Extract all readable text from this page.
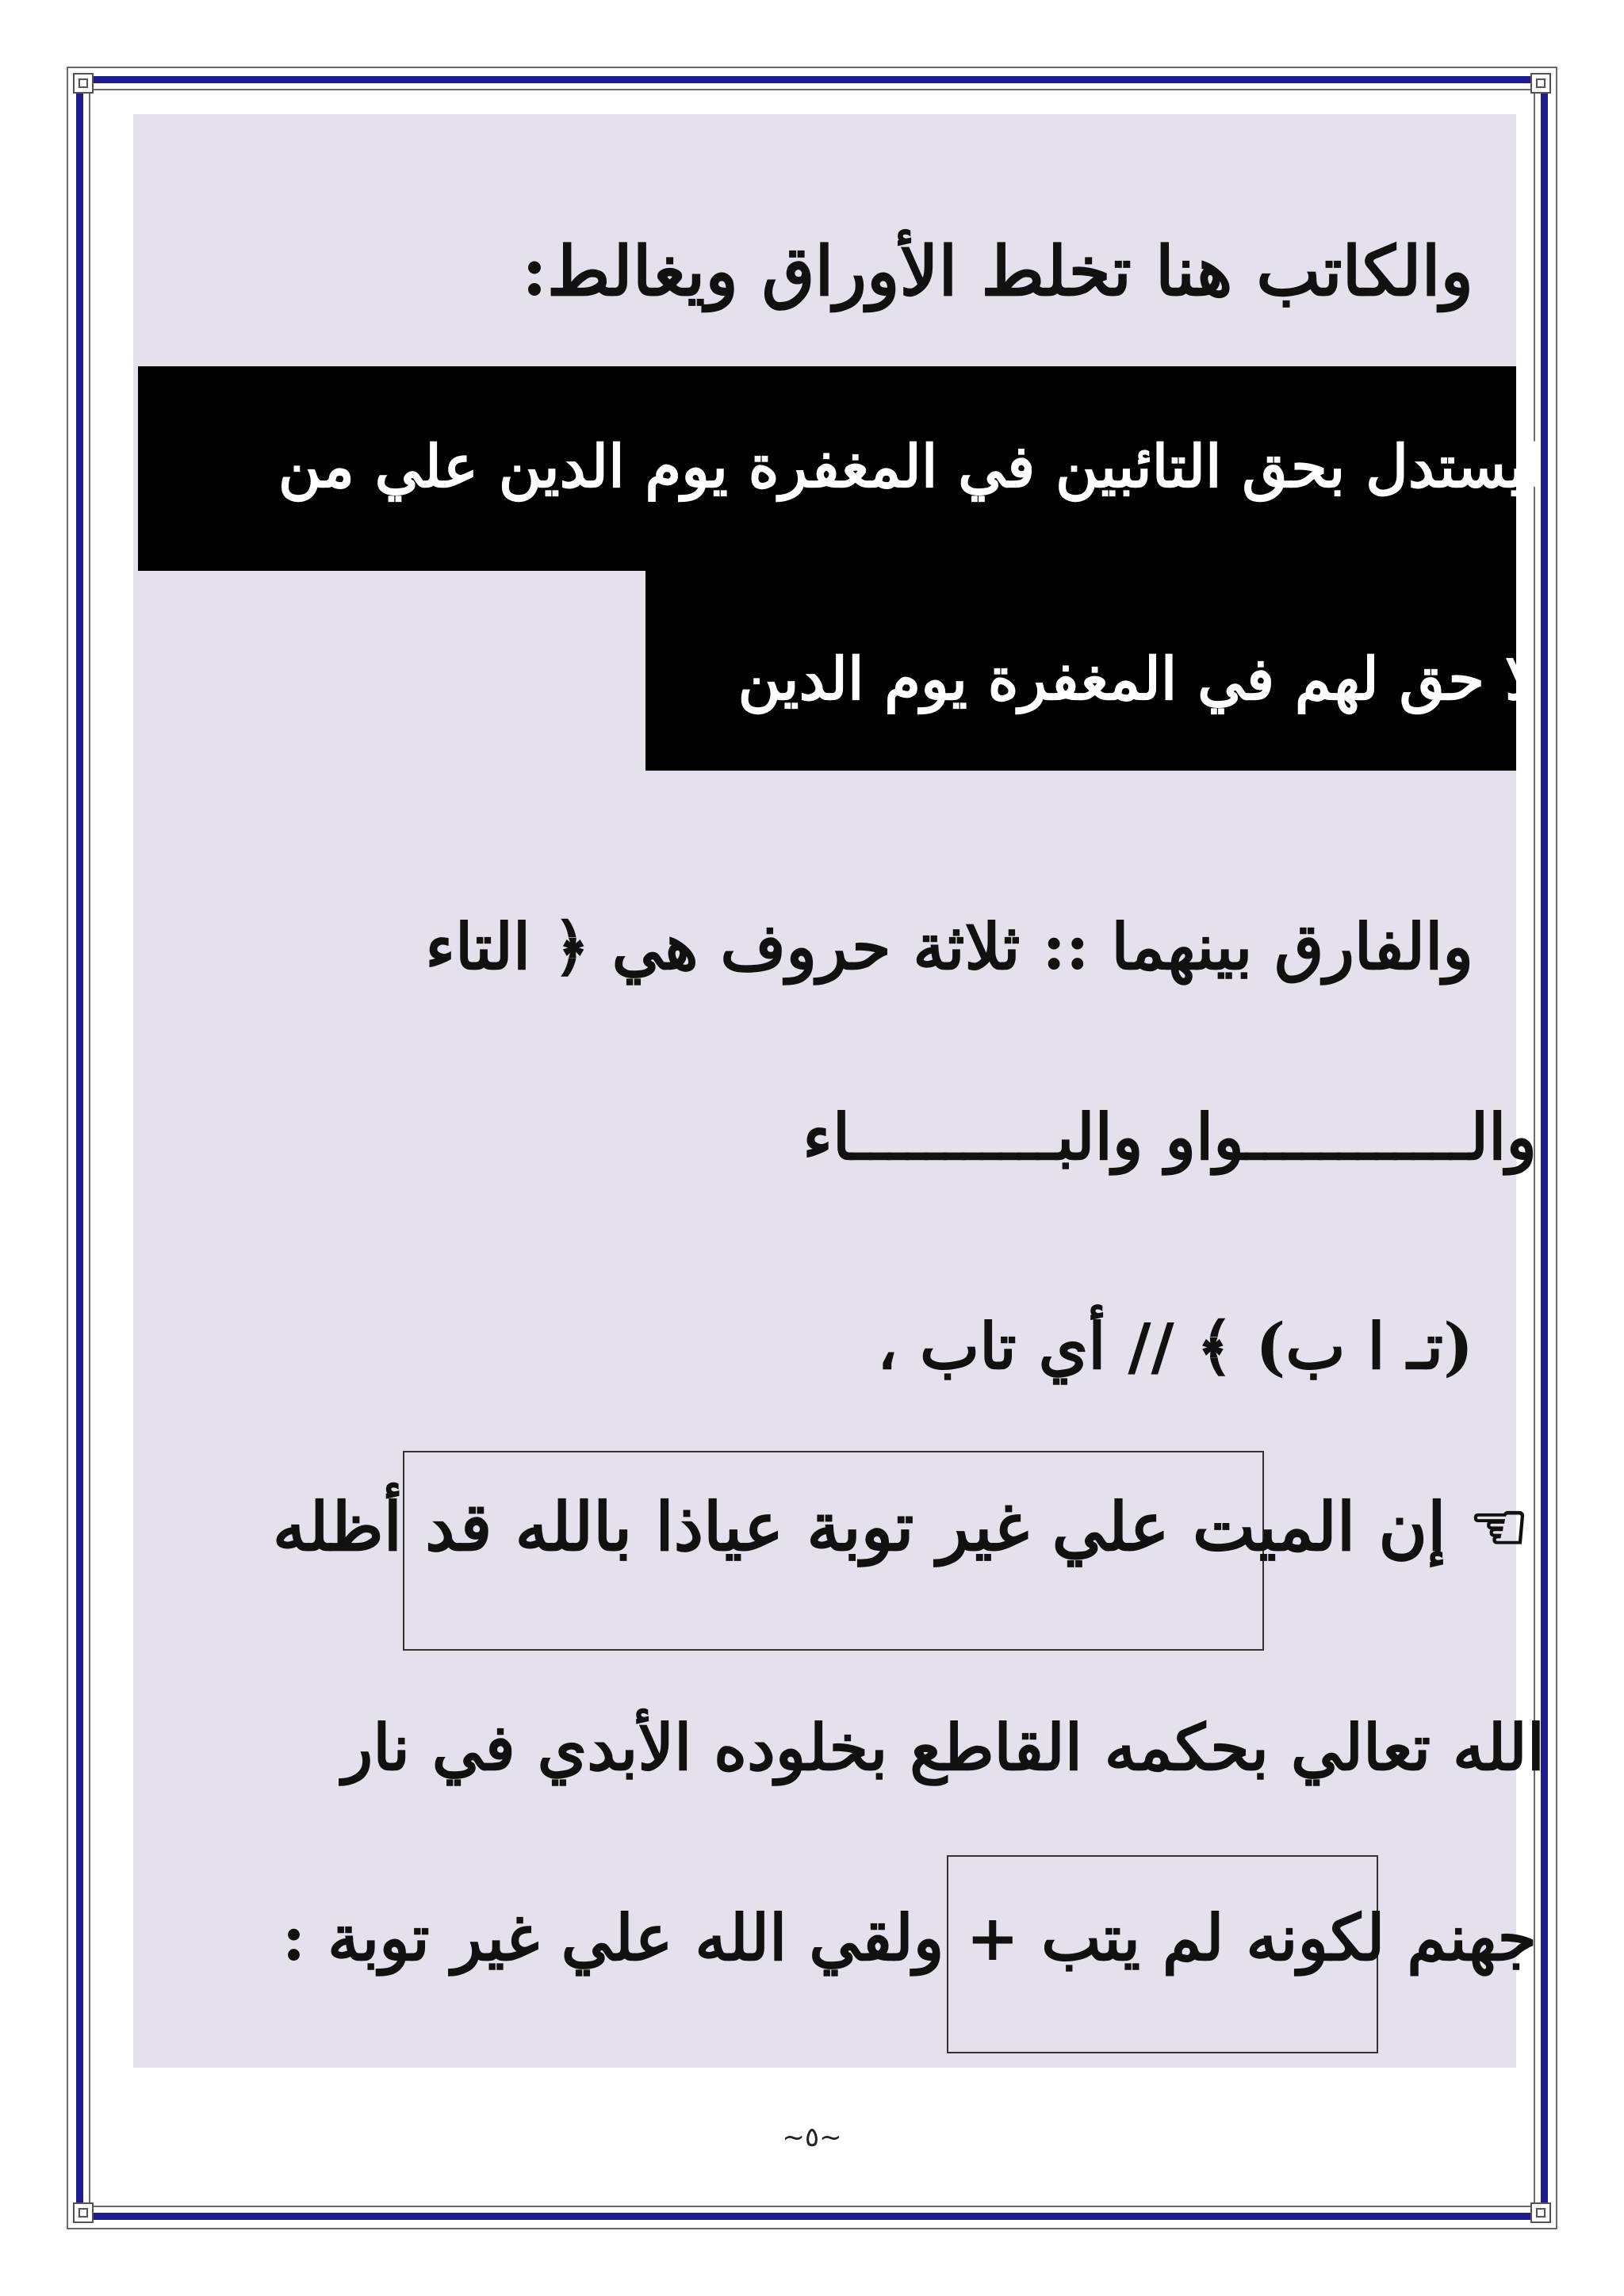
والكاتب هنا تخلط الأوراق ويغالط:
ليستدل بحق التائبين في المغفرة يوم الدين علي من
لا حق لهم في المغفرة يوم الدين
والفارق بينهما :: ثلاثة حروف هي ﴿ التاء
والــــــــــــواو والبـــــــــــاء
(تـ ا ب) ﴾ // أي تاب ،
☜ إن الميت علي غير توبة عياذا بالله قد أظله
الله تعالي بحكمه القاطع بخلوده الأبدي في نار
جهنم لكونه لم يتب + ولقي الله علي غير توبة :
~٥~
